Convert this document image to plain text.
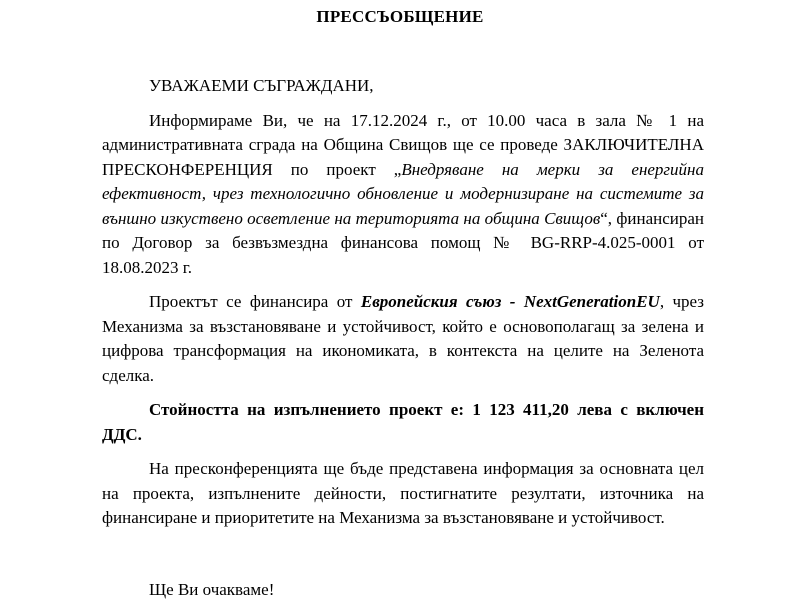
ПРЕССЪОБЩЕНИЕ

УВАЖАЕМИ СЪГРАЖДАНИ,

Информираме Ви, че на 17.12.2024 г., от 10.00 часа в зала № 1 на административната сграда на Община Свищов ще се проведе ЗАКЛЮЧИТЕЛНА ПРЕСКОНФЕРЕНЦИЯ по проект „Внедряване на мерки за енергийна ефективност, чрез технологично обновление и модернизиране на системите за външно изкуствено осветление на територията на община Свищов“, финансиран по Договор за безвъзмездна финансова помощ № BG-RRP-4.025-0001 от 18.08.2023 г.

Проектът се финансира от Европейския съюз - NextGenerationEU, чрез Механизма за възстановяване и устойчивост, който е основополагащ за зелена и цифрова трансформация на икономиката, в контекста на целите на Зеленота сделка.

Стойността на изпълнението проект е: 1 123 411,20 лева с включен ДДС.

На пресконференцията ще бъде представена информация за основната цел на проекта, изпълнените дейности, постигнатите резултати, източника на финансиране и приоритетите на Механизма за възстановяване и устойчивост.

Ще Ви очакваме!
